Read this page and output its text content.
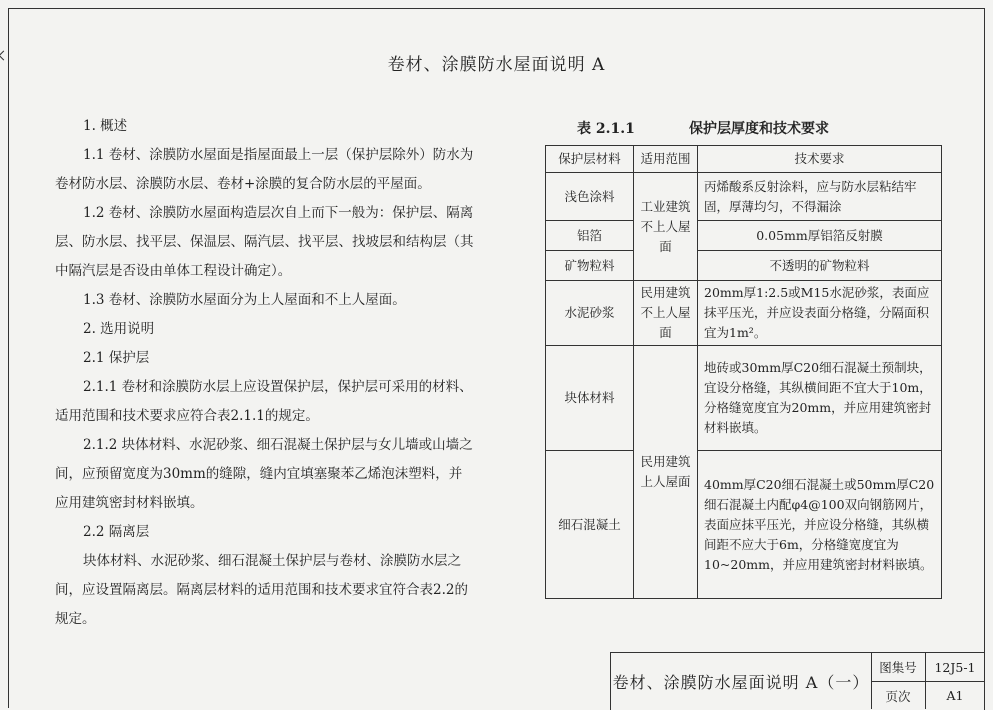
卷材、涂膜防水屋面说明 A

1. 概述

1.1 卷材、涂膜防水屋面是指屋面最上一层（保护层除外）防水为卷材防水层、涂膜防水层、卷材+涂膜的复合防水层的平屋面。

1.2 卷材、涂膜防水屋面构造层次自上而下一般为：保护层、隔离层、防水层、找平层、保温层、隔汽层、找平层、找坡层和结构层（其中隔汽层是否设由单体工程设计确定）。

1.3 卷材、涂膜防水屋面分为上人屋面和不上人屋面。

2. 选用说明

2.1 保护层

2.1.1 卷材和涂膜防水层上应设置保护层，保护层可采用的材料、适用范围和技术要求应符合表2.1.1的规定。

2.1.2 块体材料、水泥砂浆、细石混凝土保护层与女儿墙或山墙之间，应预留宽度为30mm的缝隙，缝内宜填塞聚苯乙烯泡沫塑料，并应用建筑密封材料嵌填。

2.2 隔离层

块体材料、水泥砂浆、细石混凝土保护层与卷材、涂膜防水层之间，应设置隔离层。隔离层材料的适用范围和技术要求宜符合表2.2的规定。

表 2.1.1	保护层厚度和技术要求
保护层材料	适用范围	技术要求
浅色涂料	工业建筑不上人屋面	丙烯酸系反射涂料，应与防水层粘结牢固，厚薄均匀，不得漏涂
铝箔		0.05mm厚铝箔反射膜
矿物粒料		不透明的矿物粒料
水泥砂浆	民用建筑不上人屋面	20mm厚1:2.5或M15水泥砂浆，表面应抹平压光，并应设表面分格缝，分隔面积宜为1m²。
块体材料	民用建筑上人屋面	地砖或30mm厚C20细石混凝土预制块，宜设分格缝，其纵横间距不宜大于10m，分格缝宽度宜为20mm，并应用建筑密封材料嵌填。
细石混凝土		40mm厚C20细石混凝土或50mm厚C20细石混凝土内配φ4@100双向钢筋网片，表面应抹平压光，并应设分格缝，其纵横间距不应大于6m，分格缝宽度宜为10~20mm，并应用建筑密封材料嵌填。
卷材、涂膜防水屋面说明 A（一）
图集号	12J5-1
页次	A1
